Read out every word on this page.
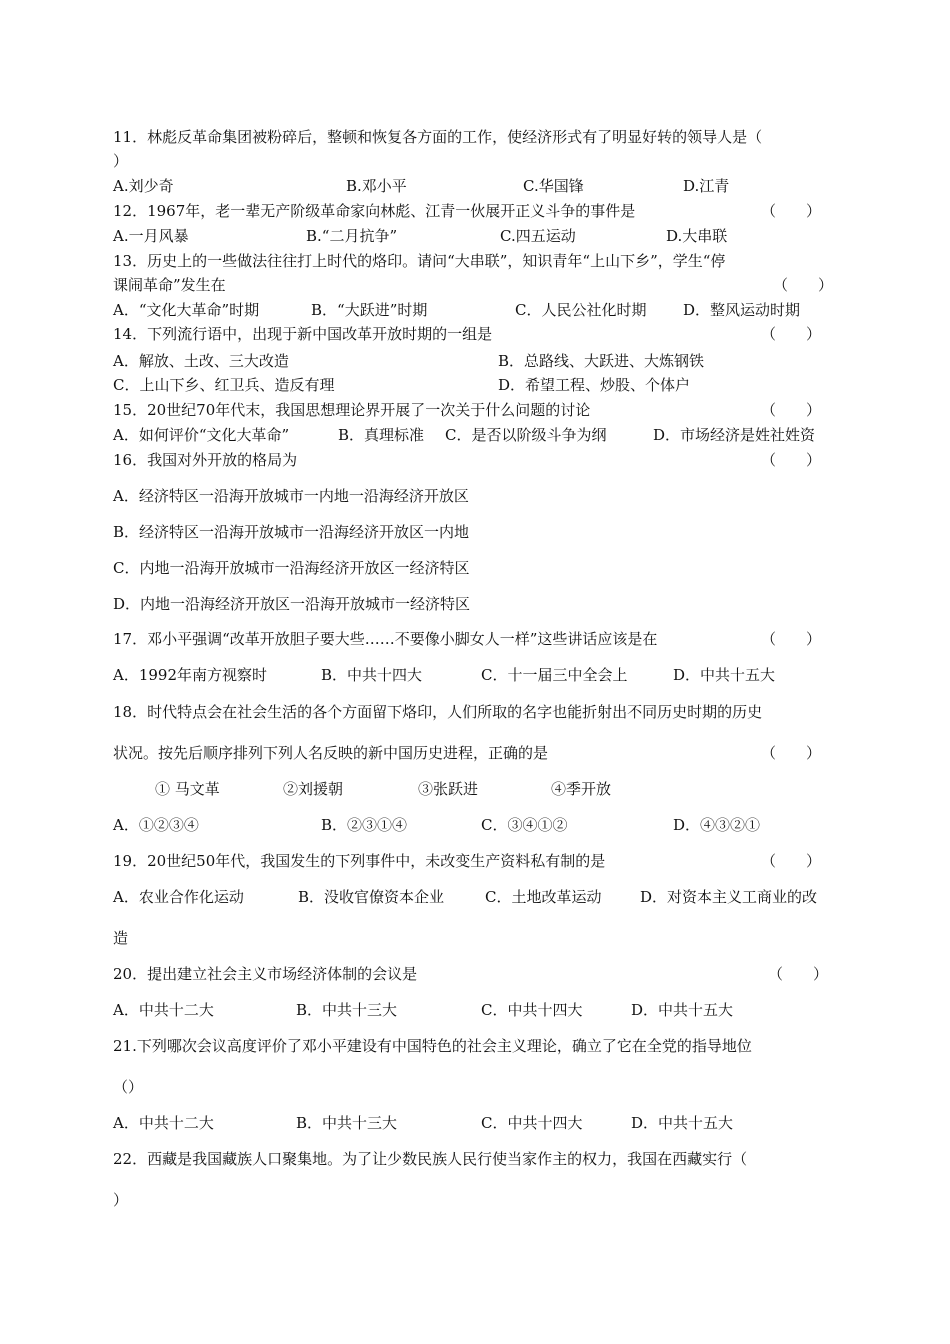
11．林彪反革命集团被粉碎后，整顿和恢复各方面的工作，使经济形式有了明显好转的领导人是（
）
A.刘少奇	B.邓小平	C.华国锋	D.江青
12．1967年，老一辈无产阶级革命家向林彪、江青一伙展开正义斗争的事件是	（　　）
A.一月风暴	B.“二月抗争”	C.四五运动	D.大串联
13．历史上的一些做法往往打上时代的烙印。请问“大串联”，知识青年“上山下乡”，学生“停
课闹革命”发生在	（　　）
A．“文化大革命”时期	B．“大跃进”时期	C．人民公社化时期 D．整风运动时期
14．下列流行语中，出现于新中国改革开放时期的一组是	（　　）
A．解放、土改、三大改造	B．总路线、大跃进、大炼钢铁
C．上山下乡、红卫兵、造反有理	D．希望工程、炒股、个体户
15．20世纪70年代末，我国思想理论界开展了一次关于什么问题的讨论	（　　）
A．如何评价“文化大革命”	B．真理标准 C．是否以阶级斗争为纲	D．市场经济是姓社姓资
16．我国对外开放的格局为	（　　）
A．经济特区一沿海开放城市一内地一沿海经济开放区
B．经济特区一沿海开放城市一沿海经济开放区一内地
C．内地一沿海开放城市一沿海经济开放区一经济特区
D．内地一沿海经济开放区一沿海开放城市一经济特区
17．邓小平强调“改革开放胆子要大些……不要像小脚女人一样”这些讲话应该是在	（　　）
A．1992年南方视察时	B．中共十四大	C．十一届三中全会上	D．中共十五大
18．时代特点会在社会生活的各个方面留下烙印，人们所取的名字也能折射出不同历史时期的历史
状况。按先后顺序排列下列人名反映的新中国历史进程，正确的是	（　　）
① 马文革	②刘援朝	③张跃进	④季开放
A．①②③④	B．②③①④	C．③④①②	D．④③②①
19．20世纪50年代，我国发生的下列事件中，未改变生产资料私有制的是	（　　）
A．农业合作化运动	B．没收官僚资本企业	C．土地改革运动	D．对资本主义工商业的改
造
20．提出建立社会主义市场经济体制的会议是	（　　）
A．中共十二大	B．中共十三大	C．中共十四大	D．中共十五大
21.下列哪次会议高度评价了邓小平建设有中国特色的社会主义理论，确立了它在全党的指导地位
（）
A．中共十二大	B．中共十三大	C．中共十四大	D．中共十五大
22．西藏是我国藏族人口聚集地。为了让少数民族人民行使当家作主的权力，我国在西藏实行（
）
